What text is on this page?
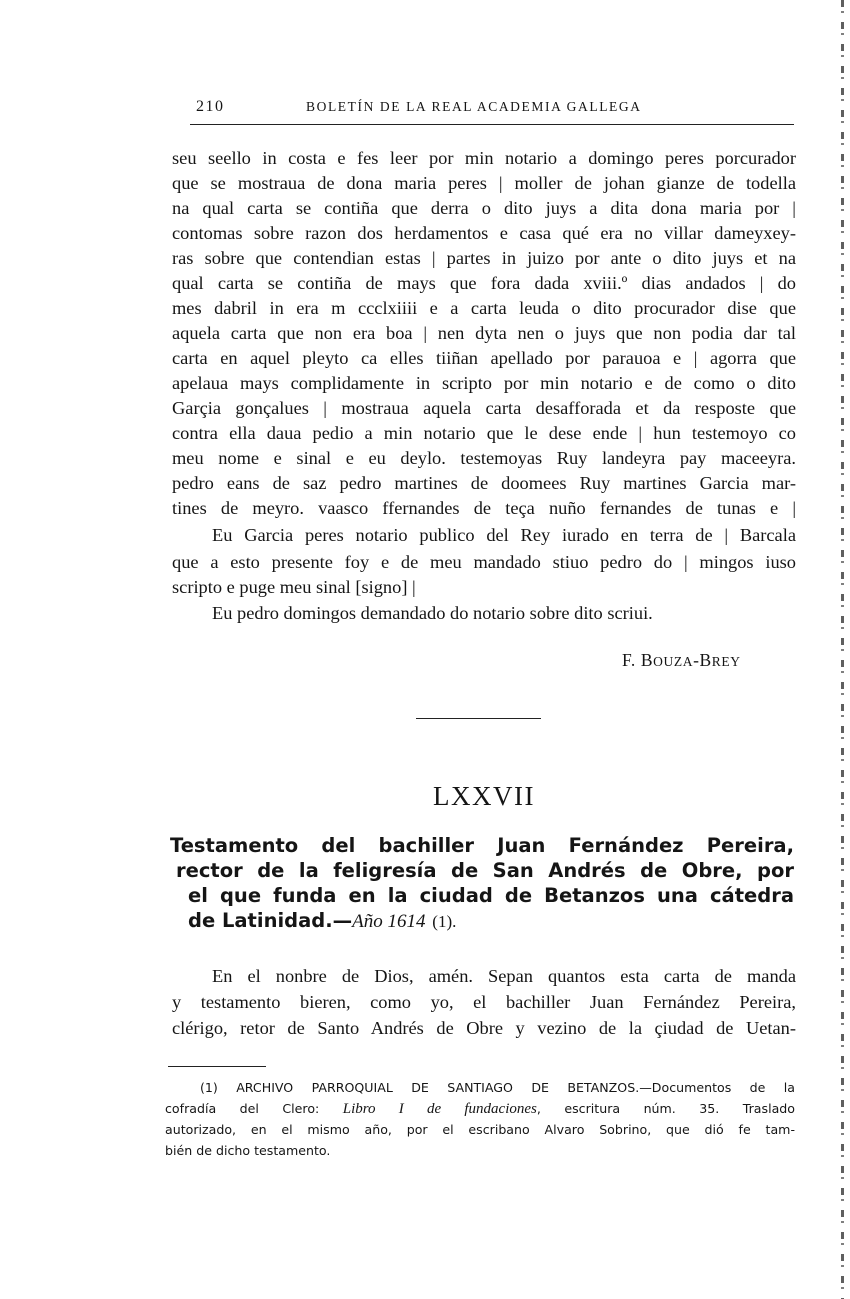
210	BOLETÍN DE LA REAL ACADEMIA GALLEGA

seu seello in costa e fes leer por min notario a domingo peres porcurador

que se mostraua de dona maria peres | moller de johan gianze de todella

na qual carta se contiña que derra o dito juys a dita dona maria por |

contomas sobre razon dos herdamentos e casa qué era no villar dameyxey-

ras sobre que contendian estas | partes in juizo por ante o dito juys et na

qual carta se contiña de mays que fora dada xviii.º dias andados | do

mes dabril in era m ccclxiiii e a carta leuda o dito procurador dise que

aquela carta que non era boa | nen dyta nen o juys que non podia dar tal

carta en aquel pleyto ca elles tiiñan apellado por parauoa e | agorra que

apelaua mays complidamente in scripto por min notario e de como o dito

Garçia gonçalues | mostraua aquela carta desafforada et da resposte que

contra ella daua pedio a min notario que le dese ende | hun testemoyo co

meu nome e sinal e eu deylo. testemoyas Ruy landeyra pay maceeyra.

pedro eans de saz pedro martines de doomees Ruy martines Garcia mar-

tines de meyro. vaasco ffernandes de teça nuño fernandes de tunas e |

Eu Garcia peres notario publico del Rey iurado en terra de | Barcala

que a esto presente foy e de meu mandado stiuo pedro do | mingos iuso

scripto e puge meu sinal [signo] |

Eu pedro domingos demandado do notario sobre dito scriui.

F. BOUZA-BREY

LXXVII

Testamento del bachiller Juan Fernández Pereira,

rector de la feligresía de San Andrés de Obre, por

el que funda en la ciudad de Betanzos una cátedra

de Latinidad.—Año 1614 (1).

En el nonbre de Dios, amén. Sepan quantos esta carta de manda

y testamento bieren, como yo, el bachiller Juan Fernández Pereira,

clérigo, retor de Santo Andrés de Obre y vezino de la çiudad de Uetan-

(1) ARCHIVO PARROQUIAL DE SANTIAGO DE BETANZOS.—Documentos de la

cofradía del Clero: Libro I de fundaciones, escritura núm. 35. Traslado

autorizado, en el mismo año, por el escribano Alvaro Sobrino, que dió fe tam-

bién de dicho testamento.
